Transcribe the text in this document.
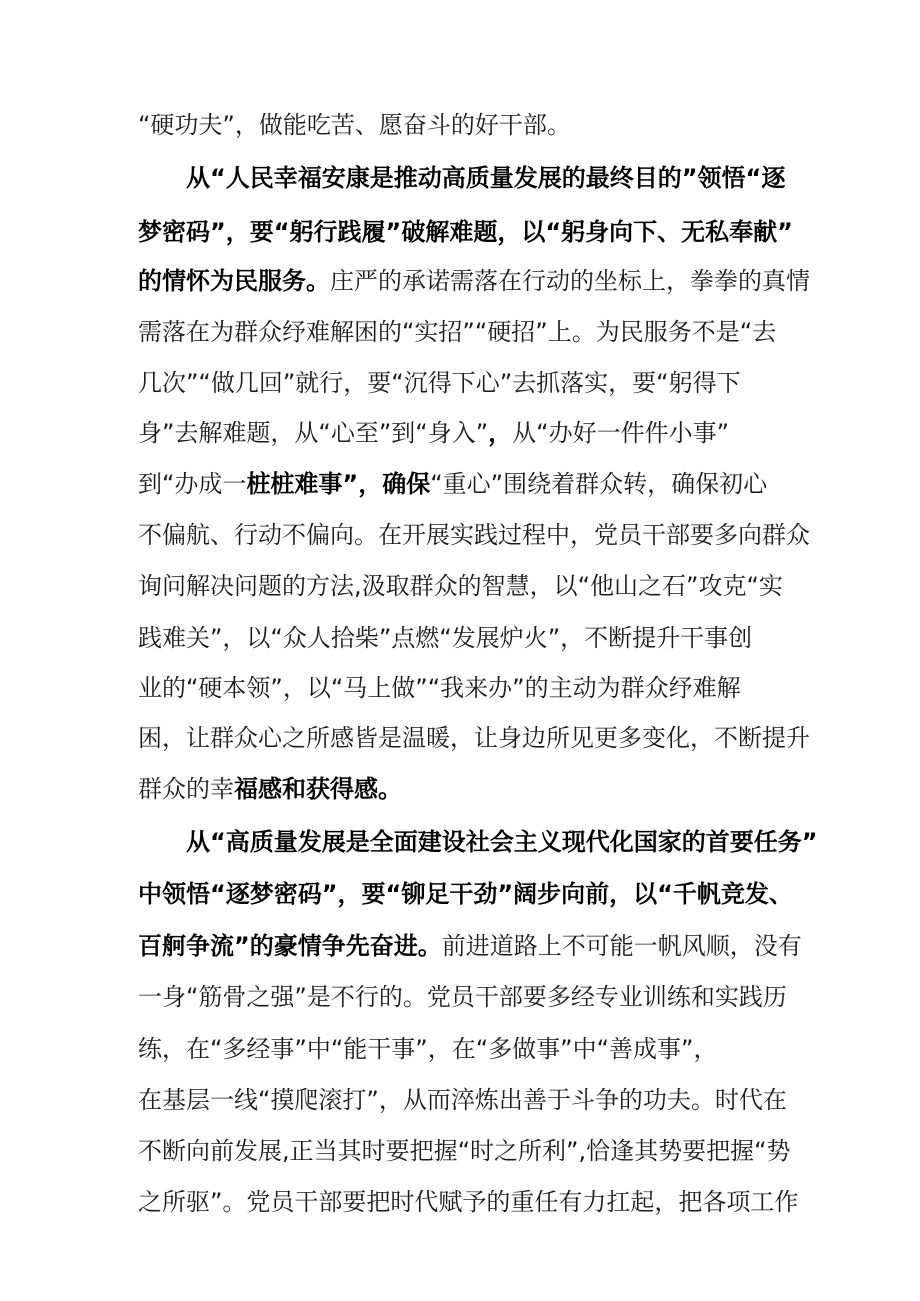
“硬功夫”，做能吃苦、愿奋斗的好干部。
从“人民幸福安康是推动高质量发展的最终目的”领悟“逐
梦密码”，要“躬行践履”破解难题，以“躬身向下、无私奉献”
的情怀为民服务。庄严的承诺需落在行动的坐标上，拳拳的真情
需落在为群众纾难解困的“实招”“硬招”上。为民服务不是“去
几次”“做几回”就行，要“沉得下心”去抓落实，要“躬得下
身”去解难题，从“心至”到“身入”，从“办好一件件小事”
到“办成一桩桩难事”，确保“重心”围绕着群众转，确保初心
不偏航、行动不偏向。在开展实践过程中，党员干部要多向群众
询问解决问题的方法,汲取群众的智慧，以“他山之石”攻克“实
践难关”，以“众人拾柴”点燃“发展炉火”，不断提升干事创
业的“硬本领”，以“马上做”“我来办”的主动为群众纾难解
困，让群众心之所感皆是温暖，让身边所见更多变化，不断提升
群众的幸福感和获得感。
从“高质量发展是全面建设社会主义现代化国家的首要任务”
中领悟“逐梦密码”，要“铆足干劲”阔步向前，以“千帆竞发、
百舸争流”的豪情争先奋进。前进道路上不可能一帆风顺，没有
一身“筋骨之强”是不行的。党员干部要多经专业训练和实践历
练，在“多经事”中“能干事”，在“多做事”中“善成事”，
在基层一线“摸爬滚打”，从而淬炼出善于斗争的功夫。时代在
不断向前发展,正当其时要把握“时之所利”,恰逢其势要把握“势
之所驱”。党员干部要把时代赋予的重任有力扛起，把各项工作
